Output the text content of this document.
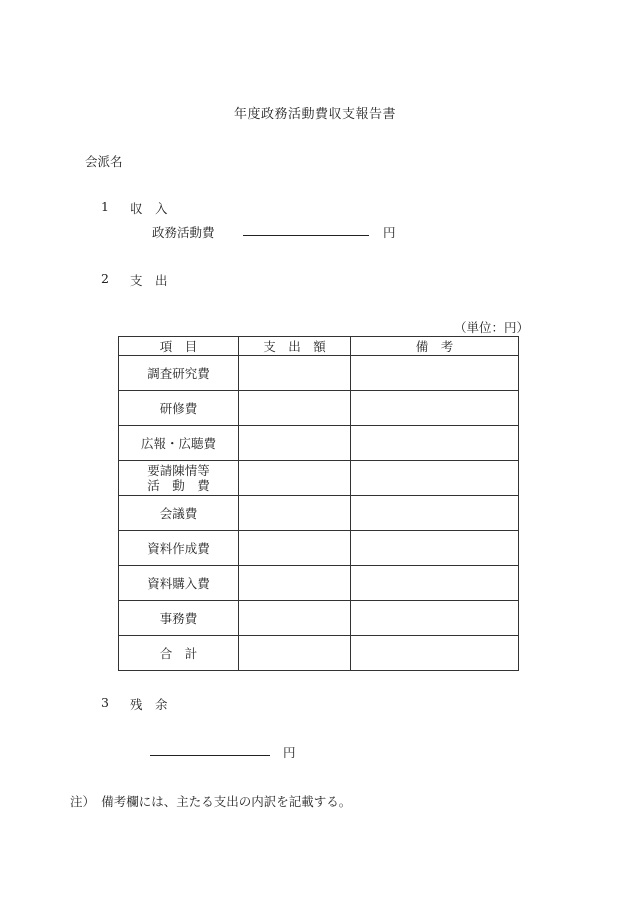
年度政務活動費収支報告書
会派名
1 収　入
政務活動費	円
2 支　出
（単位：円）
項　目	支　出　額	備　考
調査研究費		
研修費		
広報・広聴費		

要請陳情等
活　動　費		

会議費		
資料作成費		
資料購入費		
事務費		
合　計		
3 残　余
円
注）　備考欄には、主たる支出の内訳を記載する。
